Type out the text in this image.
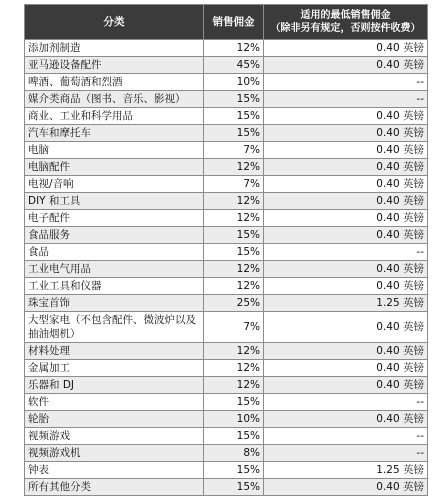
分类	销售佣金	适用的最低销售佣金
（除非另有规定，否则按件收费）

添加剂制造	12%	0.40 英镑
亚马逊设备配件	45%	0.40 英镑
啤酒、葡萄酒和烈酒	10%	--
媒介类商品（图书、音乐、影视）	15%	--
商业、工业和科学用品	15%	0.40 英镑
汽车和摩托车	15%	0.40 英镑
电脑	7%	0.40 英镑
电脑配件	12%	0.40 英镑
电视/音响	7%	0.40 英镑
DIY 和工具	12%	0.40 英镑
电子配件	12%	0.40 英镑
食品服务	15%	0.40 英镑
食品	15%	--
工业电气用品	12%	0.40 英镑
工业工具和仪器	12%	0.40 英镑
珠宝首饰	25%	1.25 英镑
大型家电（不包含配件、微波炉以及抽油烟机）	7%	0.40 英镑
材料处理	12%	0.40 英镑
金属加工	12%	0.40 英镑
乐器和 DJ	12%	0.40 英镑
软件	15%	--
轮胎	10%	0.40 英镑
视频游戏	15%	--
视频游戏机	8%	--
钟表	15%	1.25 英镑
所有其他分类	15%	0.40 英镑
